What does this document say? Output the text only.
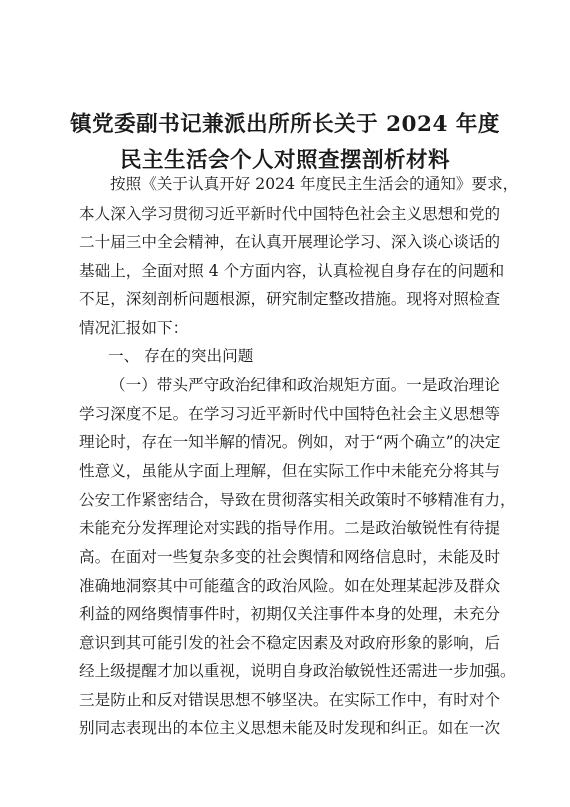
镇党委副书记兼派出所所长关于 2024 年度
民主生活会个人对照查摆剖析材料
按照《关于认真开好 2024 年度民主生活会的通知》要求，
本人深入学习贯彻习近平新时代中国特色社会主义思想和党的
二十届三中全会精神，在认真开展理论学习、深入谈心谈话的
基础上，全面对照 4 个方面内容，认真检视自身存在的问题和
不足，深刻剖析问题根源，研究制定整改措施。现将对照检查
情况汇报如下：
一、 存在的突出问题
（一）带头严守政治纪律和政治规矩方面。一是政治理论
学习深度不足。在学习习近平新时代中国特色社会主义思想等
理论时，存在一知半解的情况。例如，对于“两个确立”的决定
性意义，虽能从字面上理解，但在实际工作中未能充分将其与
公安工作紧密结合，导致在贯彻落实相关政策时不够精准有力，
未能充分发挥理论对实践的指导作用。二是政治敏锐性有待提
高。在面对一些复杂多变的社会舆情和网络信息时，未能及时
准确地洞察其中可能蕴含的政治风险。如在处理某起涉及群众
利益的网络舆情事件时，初期仅关注事件本身的处理，未充分
意识到其可能引发的社会不稳定因素及对政府形象的影响，后
经上级提醒才加以重视，说明自身政治敏锐性还需进一步加强。
三是防止和反对错误思想不够坚决。在实际工作中，有时对个
别同志表现出的本位主义思想未能及时发现和纠正。如在一次
